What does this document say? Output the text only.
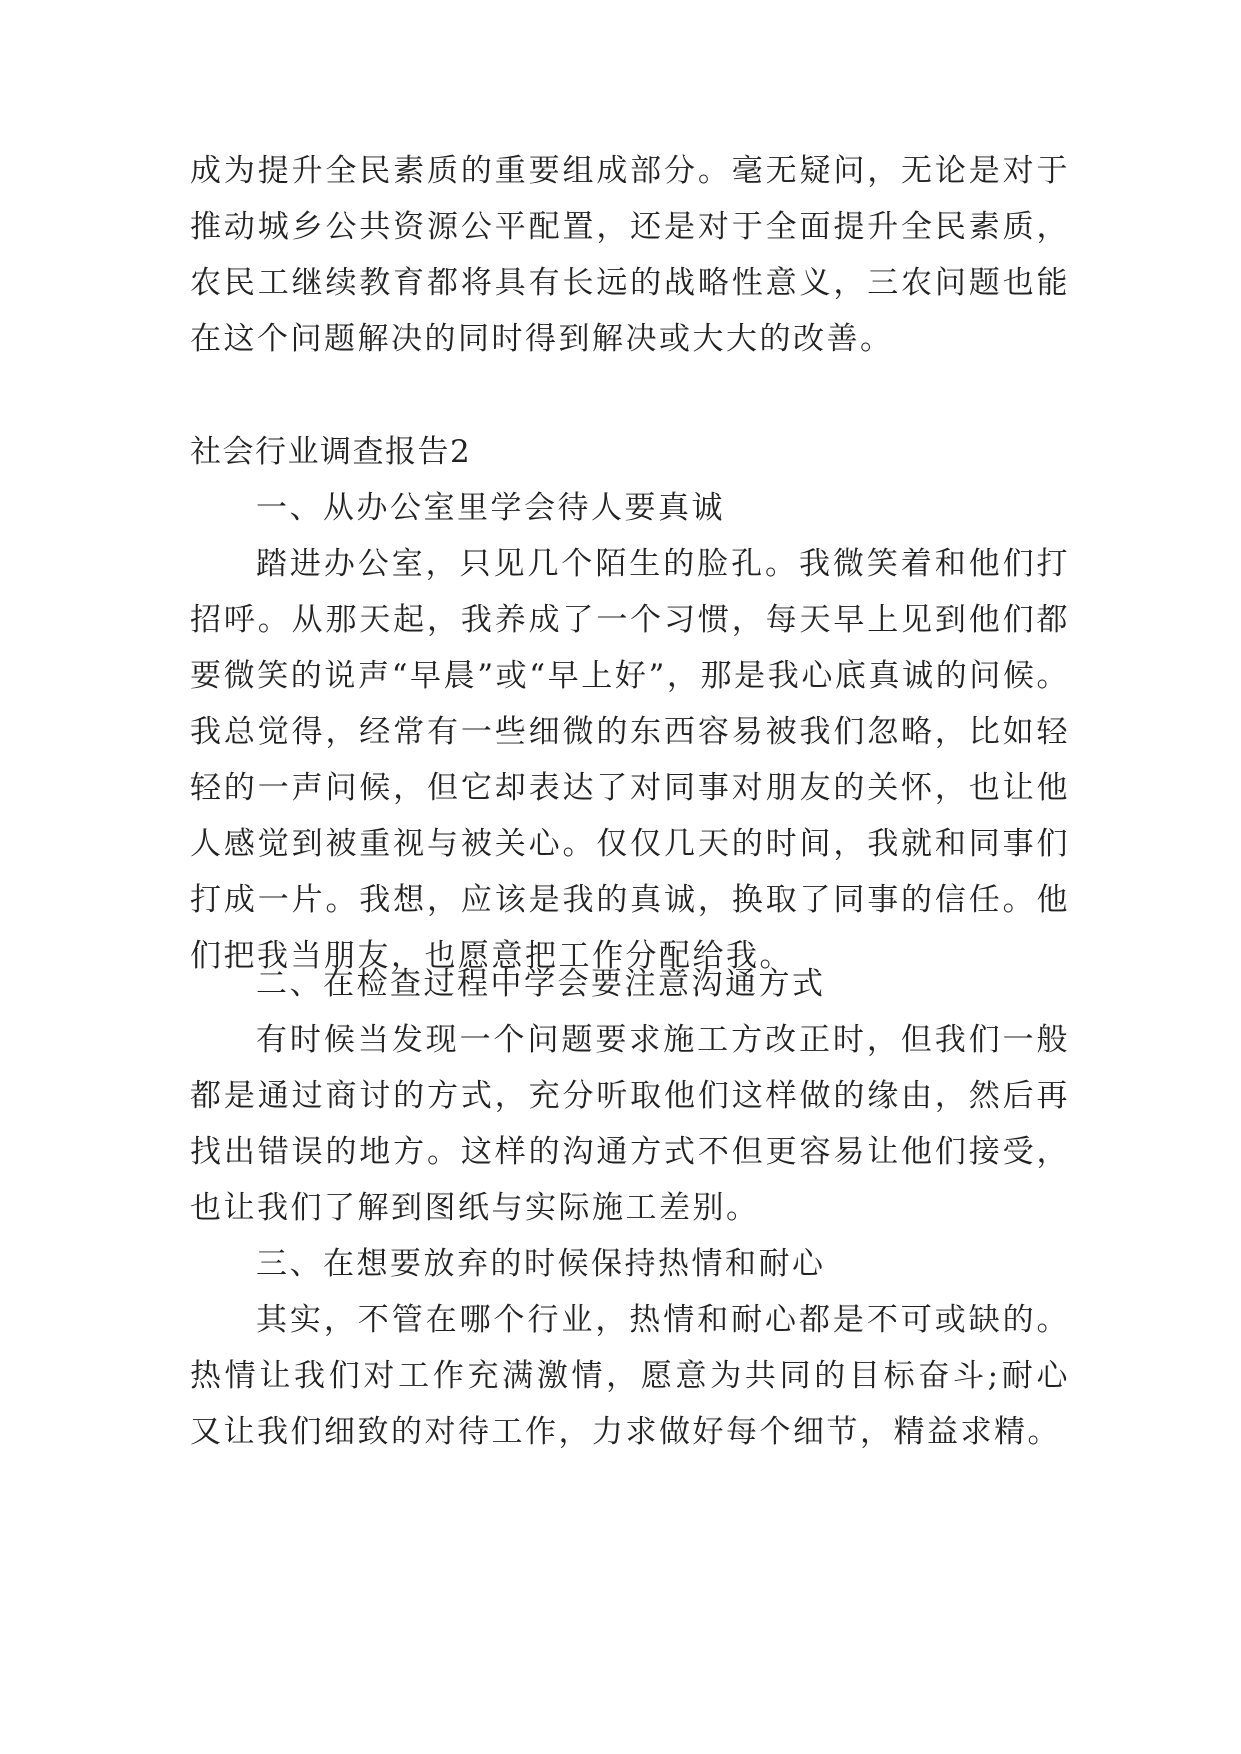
成为提升全民素质的重要组成部分。毫无疑问，无论是对于推动城乡公共资源公平配置，还是对于全面提升全民素质，农民工继续教育都将具有长远的战略性意义，三农问题也能在这个问题解决的同时得到解决或大大的改善。

社会行业调查报告2

一、从办公室里学会待人要真诚

踏进办公室，只见几个陌生的脸孔。我微笑着和他们打招呼。从那天起，我养成了一个习惯，每天早上见到他们都要微笑的说声“早晨”或“早上好”，那是我心底真诚的问候。我总觉得，经常有一些细微的东西容易被我们忽略，比如轻轻的一声问候，但它却表达了对同事对朋友的关怀，也让他人感觉到被重视与被关心。仅仅几天的时间，我就和同事们打成一片。我想，应该是我的真诚，换取了同事的信任。他们把我当朋友，也愿意把工作分配给我。

二、在检查过程中学会要注意沟通方式

有时候当发现一个问题要求施工方改正时，但我们一般都是通过商讨的方式，充分听取他们这样做的缘由，然后再找出错误的地方。这样的沟通方式不但更容易让他们接受，也让我们了解到图纸与实际施工差别。

三、在想要放弃的时候保持热情和耐心

其实，不管在哪个行业，热情和耐心都是不可或缺的。热情让我们对工作充满激情，愿意为共同的目标奋斗;耐心又让我们细致的对待工作，力求做好每个细节，精益求精。
